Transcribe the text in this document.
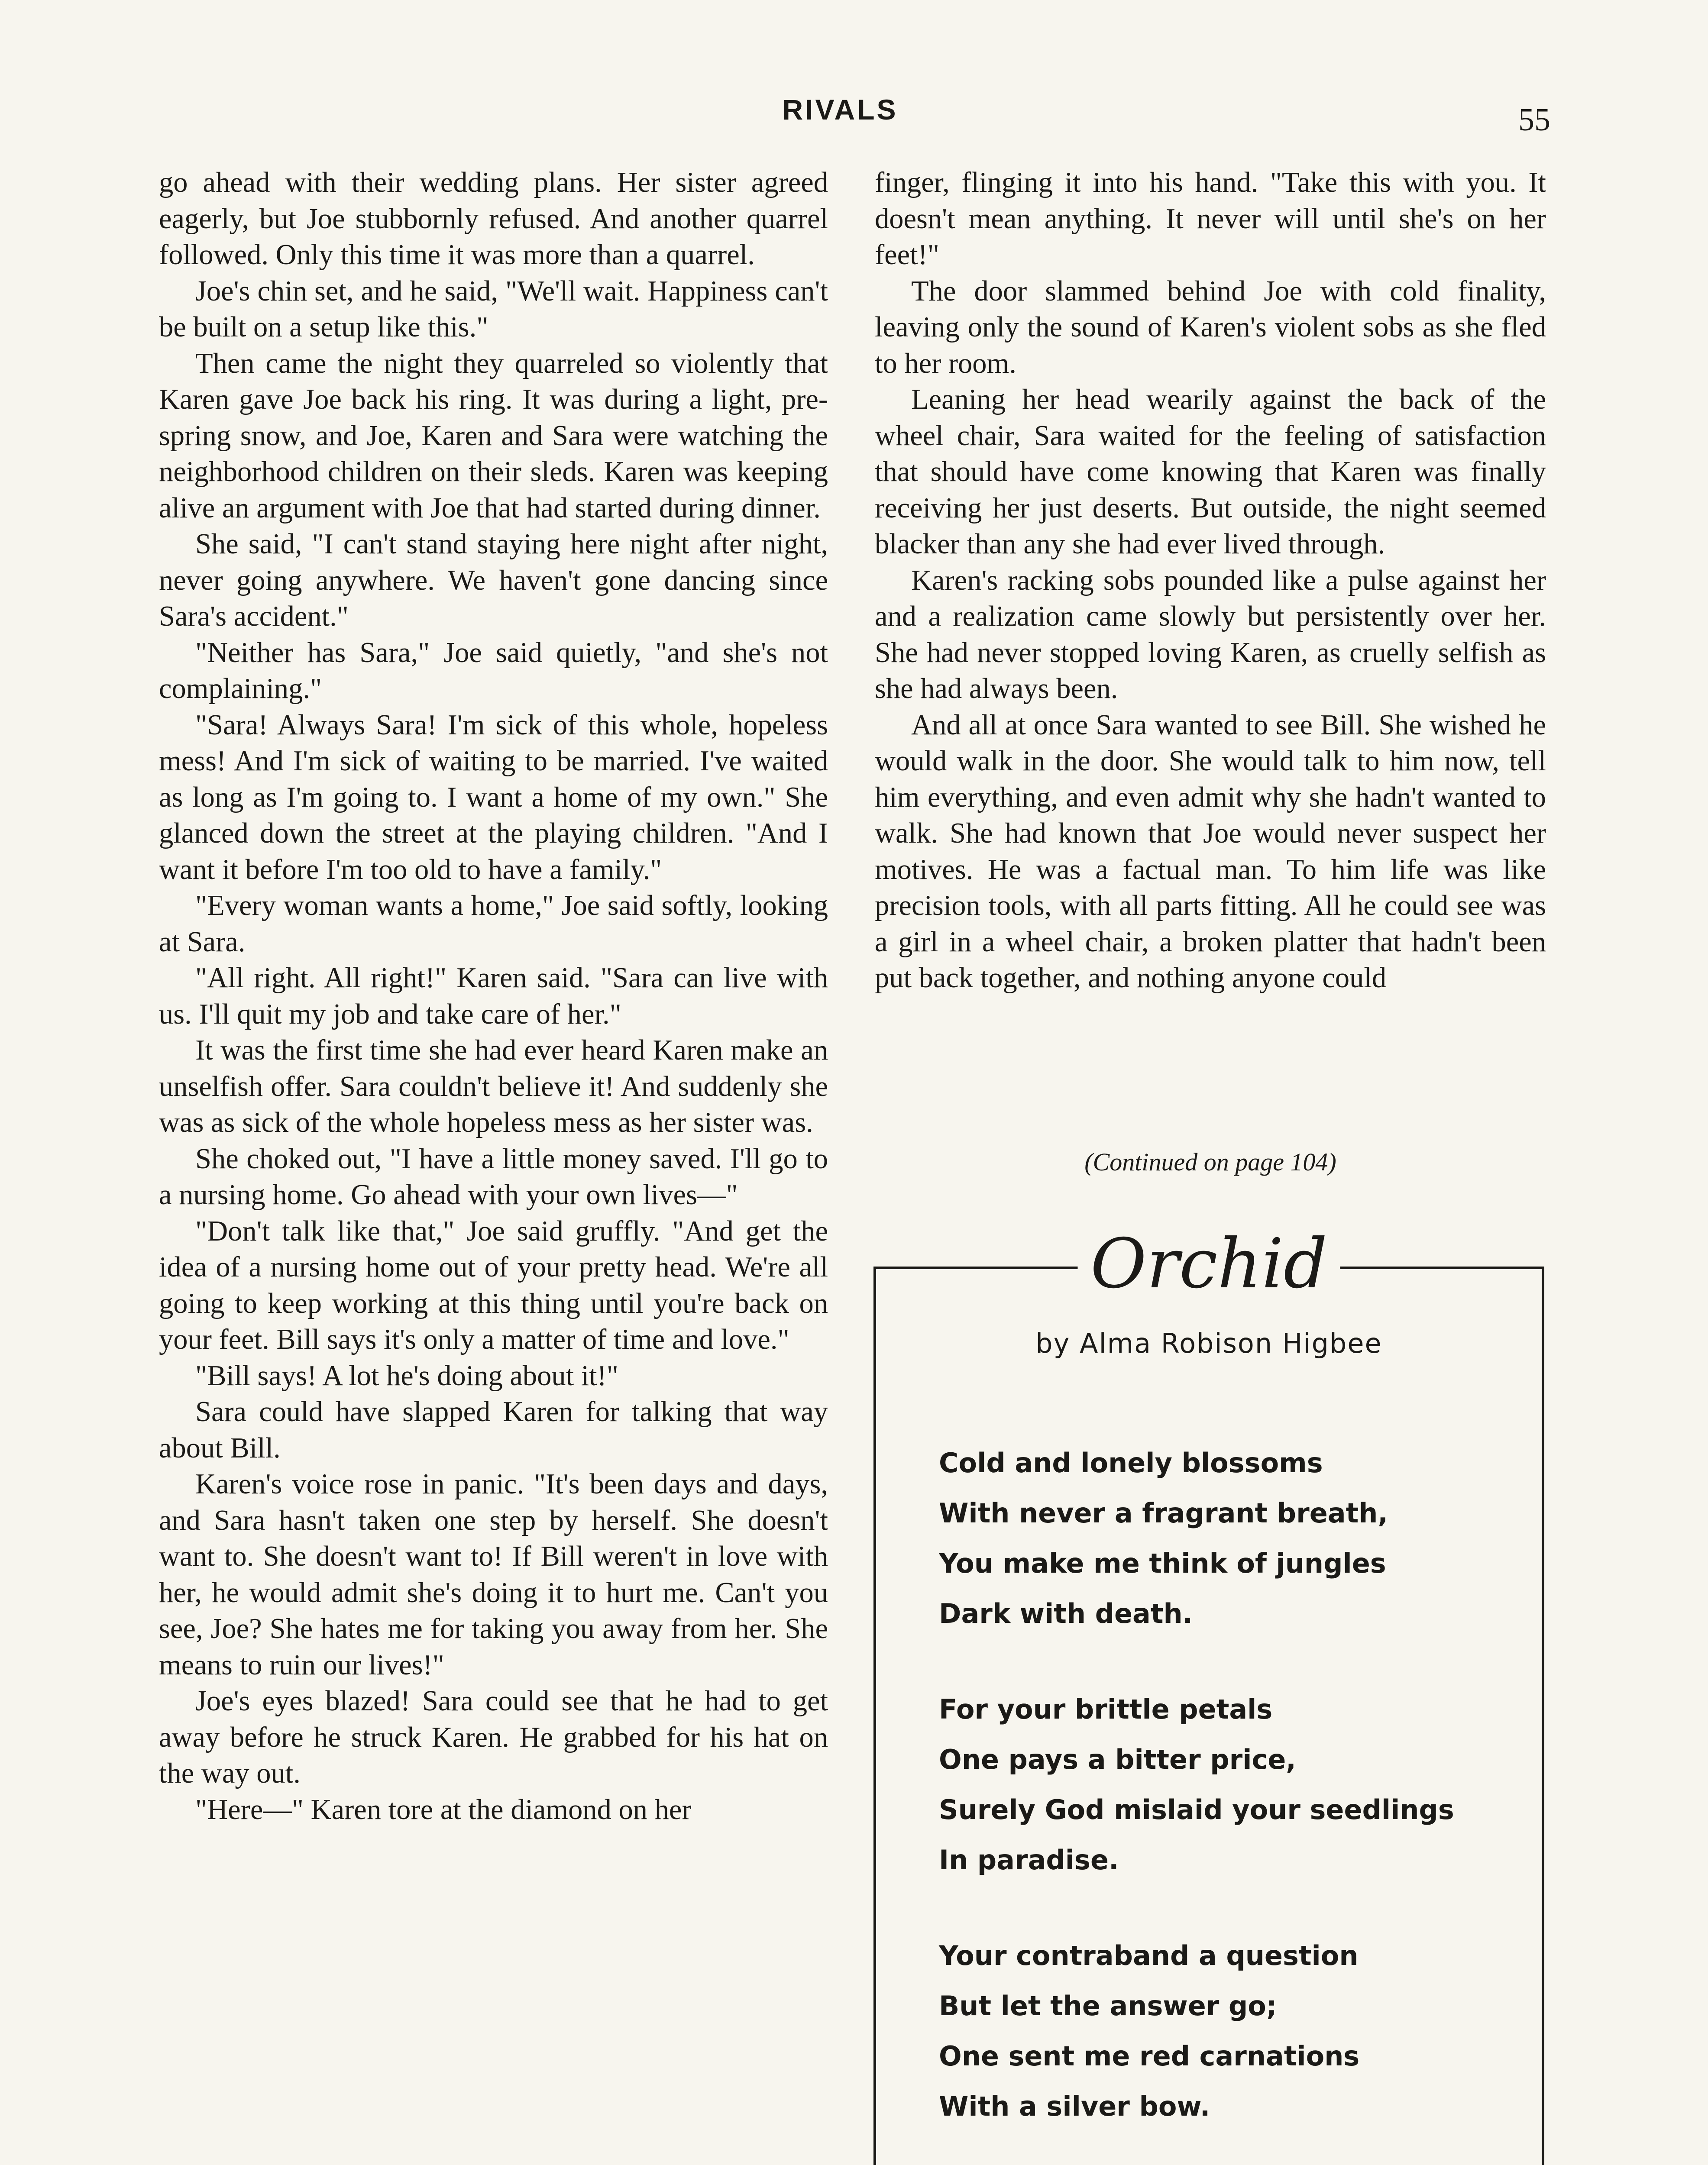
RIVALS	55

go ahead with their wedding plans. Her sister agreed eagerly, but Joe stubbornly refused. And another quarrel followed. Only this time it was more than a quarrel.

Joe's chin set, and he said, "We'll wait. Happiness can't be built on a setup like this."

Then came the night they quarreled so violently that Karen gave Joe back his ring. It was during a light, pre-spring snow, and Joe, Karen and Sara were watching the neighborhood children on their sleds. Karen was keeping alive an argument with Joe that had started during dinner.

She said, "I can't stand staying here night after night, never going anywhere. We haven't gone dancing since Sara's accident."

"Neither has Sara," Joe said quietly, "and she's not complaining."

"Sara! Always Sara! I'm sick of this whole, hopeless mess! And I'm sick of waiting to be married. I've waited as long as I'm going to. I want a home of my own." She glanced down the street at the playing children. "And I want it before I'm too old to have a family."

"Every woman wants a home," Joe said softly, looking at Sara.

"All right. All right!" Karen said. "Sara can live with us. I'll quit my job and take care of her."

It was the first time she had ever heard Karen make an unselfish offer. Sara couldn't believe it! And suddenly she was as sick of the whole hopeless mess as her sister was.

She choked out, "I have a little money saved. I'll go to a nursing home. Go ahead with your own lives—"

"Don't talk like that," Joe said gruffly. "And get the idea of a nursing home out of your pretty head. We're all going to keep working at this thing until you're back on your feet. Bill says it's only a matter of time and love."

"Bill says! A lot he's doing about it!"

Sara could have slapped Karen for talking that way about Bill.

Karen's voice rose in panic. "It's been days and days, and Sara hasn't taken one step by herself. She doesn't want to. She doesn't want to! If Bill weren't in love with her, he would admit she's doing it to hurt me. Can't you see, Joe? She hates me for taking you away from her. She means to ruin our lives!"

Joe's eyes blazed! Sara could see that he had to get away before he struck Karen. He grabbed for his hat on the way out.

"Here—" Karen tore at the diamond on her

finger, flinging it into his hand. "Take this with you. It doesn't mean anything. It never will until she's on her feet!"

The door slammed behind Joe with cold finality, leaving only the sound of Karen's violent sobs as she fled to her room.

Leaning her head wearily against the back of the wheel chair, Sara waited for the feeling of satisfaction that should have come knowing that Karen was finally receiving her just deserts. But outside, the night seemed blacker than any she had ever lived through.

Karen's racking sobs pounded like a pulse against her and a realization came slowly but persistently over her. She had never stopped loving Karen, as cruelly selfish as she had always been.

And all at once Sara wanted to see Bill. She wished he would walk in the door. She would talk to him now, tell him everything, and even admit why she hadn't wanted to walk. She had known that Joe would never suspect her motives. He was a factual man. To him life was like precision tools, with all parts fitting. All he could see was a girl in a wheel chair, a broken platter that hadn't been put back together, and nothing anyone could

(Continued on page 104)
Orchid
by Alma Robison Higbee
Cold and lonely blossoms
With never a fragrant breath,
You make me think of jungles
Dark with death.
For your brittle petals
One pays a bitter price,
Surely God mislaid your seedlings
In paradise.
Your contraband a question
But let the answer go;
One sent me red carnations
With a silver bow.
